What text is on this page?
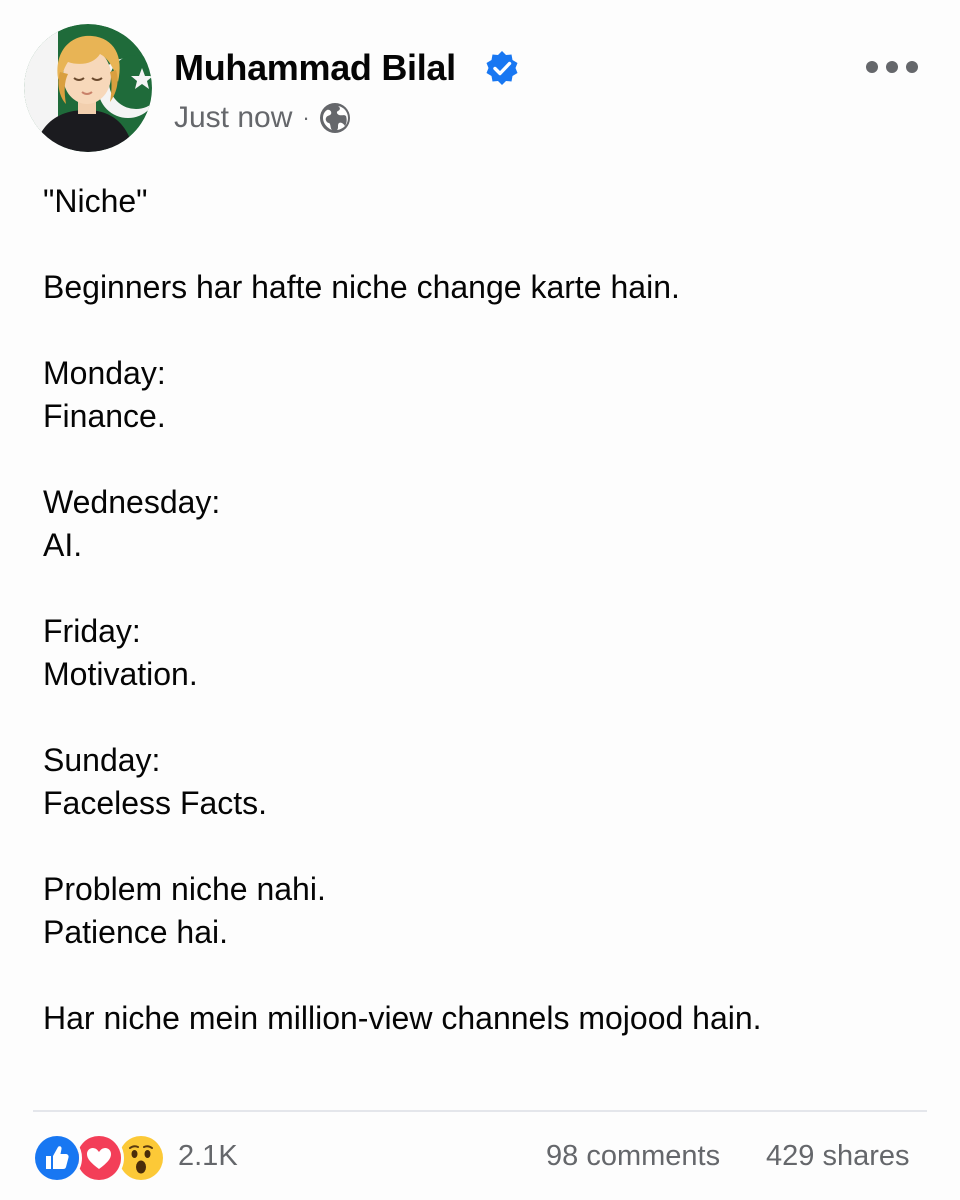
Muhammad Bilal
Just now ·

"Niche"

Beginners har hafte niche change karte hain.

Monday:

Finance.

Wednesday:

AI.

Friday:

Motivation.

Sunday:

Faceless Facts.

Problem niche nahi.

Patience hai.

Har niche mein million-view channels mojood hain.

2.1K	98 comments 429 shares
